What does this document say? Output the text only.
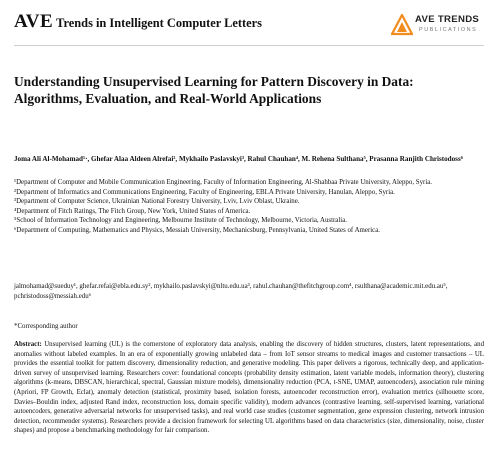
AVE Trends in Intelligent Computer Letters	AVE TRENDS
PUBLICATIONS
Understanding Unsupervised Learning for Pattern Discovery in Data: Algorithms, Evaluation, and Real-World Applications
Joma Ali Al-Mohamad¹·, Ghefar Alaa Aldeen Alrefai², Mykhailo Paslavskyi³, Rahul Chauhan⁴, M. Rehena Sulthana⁵, Prasanna Ranjith Christodoss⁶
¹Department of Computer and Mobile Communication Engineering, Faculty of Information Engineering, Al-Shahbaa Private University, Aleppo, Syria.
²Department of Informatics and Communications Engineering, Faculty of Engineering, EBLA Private University, Hanulan, Aleppo, Syria.
³Department of Computer Science, Ukrainian National Forestry University, Lviv, Lviv Oblast, Ukraine.
⁴Department of Fitch Ratings, The Fitch Group, New York, United States of America.
⁵School of Information Technology and Engineering, Melbourne Institute of Technology, Melbourne, Victoria, Australia.
⁶Department of Computing, Mathematics and Physics, Messiah University, Mechanicsburg, Pennsylvania, United States of America.
jalmohamad@sueduy¹, ghefar.refai@ebla.edu.sy², mykhailo.paslavskyi@nltu.edu.ua³, rahul.chauhan@thefitchgroup.com⁴, rsulthana@academic.mit.edu.au⁵, pchristodoss@messiah.edu⁶
*Corresponding author
Abstract: Unsupervised learning (UL) is the cornerstone of exploratory data analysis, enabling the discovery of hidden structures, clusters, latent representations, and anomalies without labeled examples. In an era of exponentially growing unlabeled data – from IoT sensor streams to medical images and customer transactions – UL provides the essential toolkit for pattern discovery, dimensionality reduction, and generative modeling. This paper delivers a rigorous, technically deep, and application-driven survey of unsupervised learning. Researchers cover: foundational concepts (probability density estimation, latent variable models, information theory), clustering algorithms (k-means, DBSCAN, hierarchical, spectral, Gaussian mixture models), dimensionality reduction (PCA, t-SNE, UMAP, autoencoders), association rule mining (Apriori, FP Growth, Eclat), anomaly detection (statistical, proximity based, isolation forests, autoencoder reconstruction error), evaluation metrics (silhouette score, Davies–Bouldin index, adjusted Rand index, reconstruction loss, domain specific validity), modern advances (contrastive learning, self-supervised learning, variational autoencoders, generative adversarial networks for unsupervised tasks), and real world case studies (customer segmentation, gene expression clustering, network intrusion detection, recommender systems). Researchers provide a decision framework for selecting UL algorithms based on data characteristics (size, dimensionality, noise, cluster shapes) and propose a benchmarking methodology for fair comparison.
